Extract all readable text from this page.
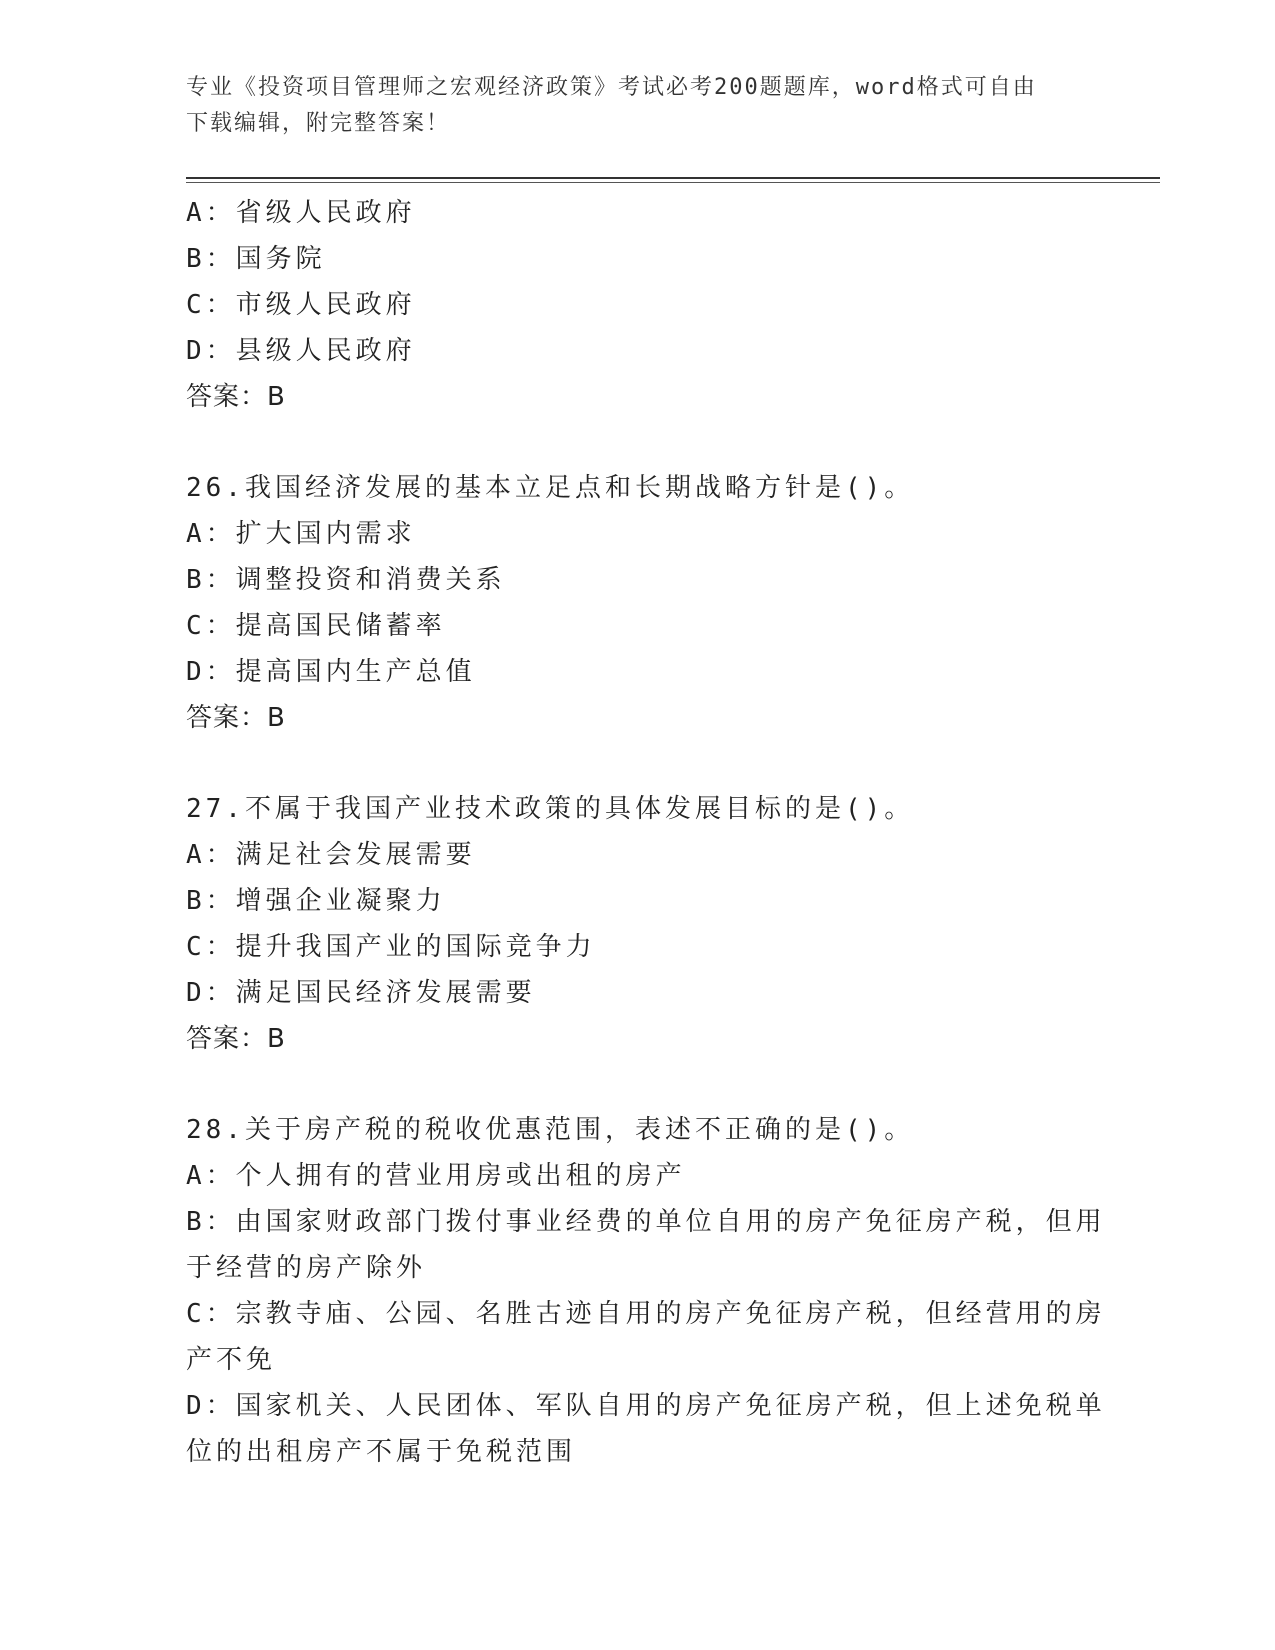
专业《投资项目管理师之宏观经济政策》考试必考200题题库，word格式可自由
下载编辑，附完整答案！
A：省级人民政府
B：国务院
C：市级人民政府
D：县级人民政府
答案：B
26.我国经济发展的基本立足点和长期战略方针是()。
A：扩大国内需求
B：调整投资和消费关系
C：提高国民储蓄率
D：提高国内生产总值
答案：B
27.不属于我国产业技术政策的具体发展目标的是()。
A：满足社会发展需要
B：增强企业凝聚力
C：提升我国产业的国际竞争力
D：满足国民经济发展需要
答案：B
28.关于房产税的税收优惠范围，表述不正确的是()。
A：个人拥有的营业用房或出租的房产
B：由国家财政部门拨付事业经费的单位自用的房产免征房产税，但用
于经营的房产除外
C：宗教寺庙、公园、名胜古迹自用的房产免征房产税，但经营用的房
产不免
D：国家机关、人民团体、军队自用的房产免征房产税，但上述免税单
位的出租房产不属于免税范围
